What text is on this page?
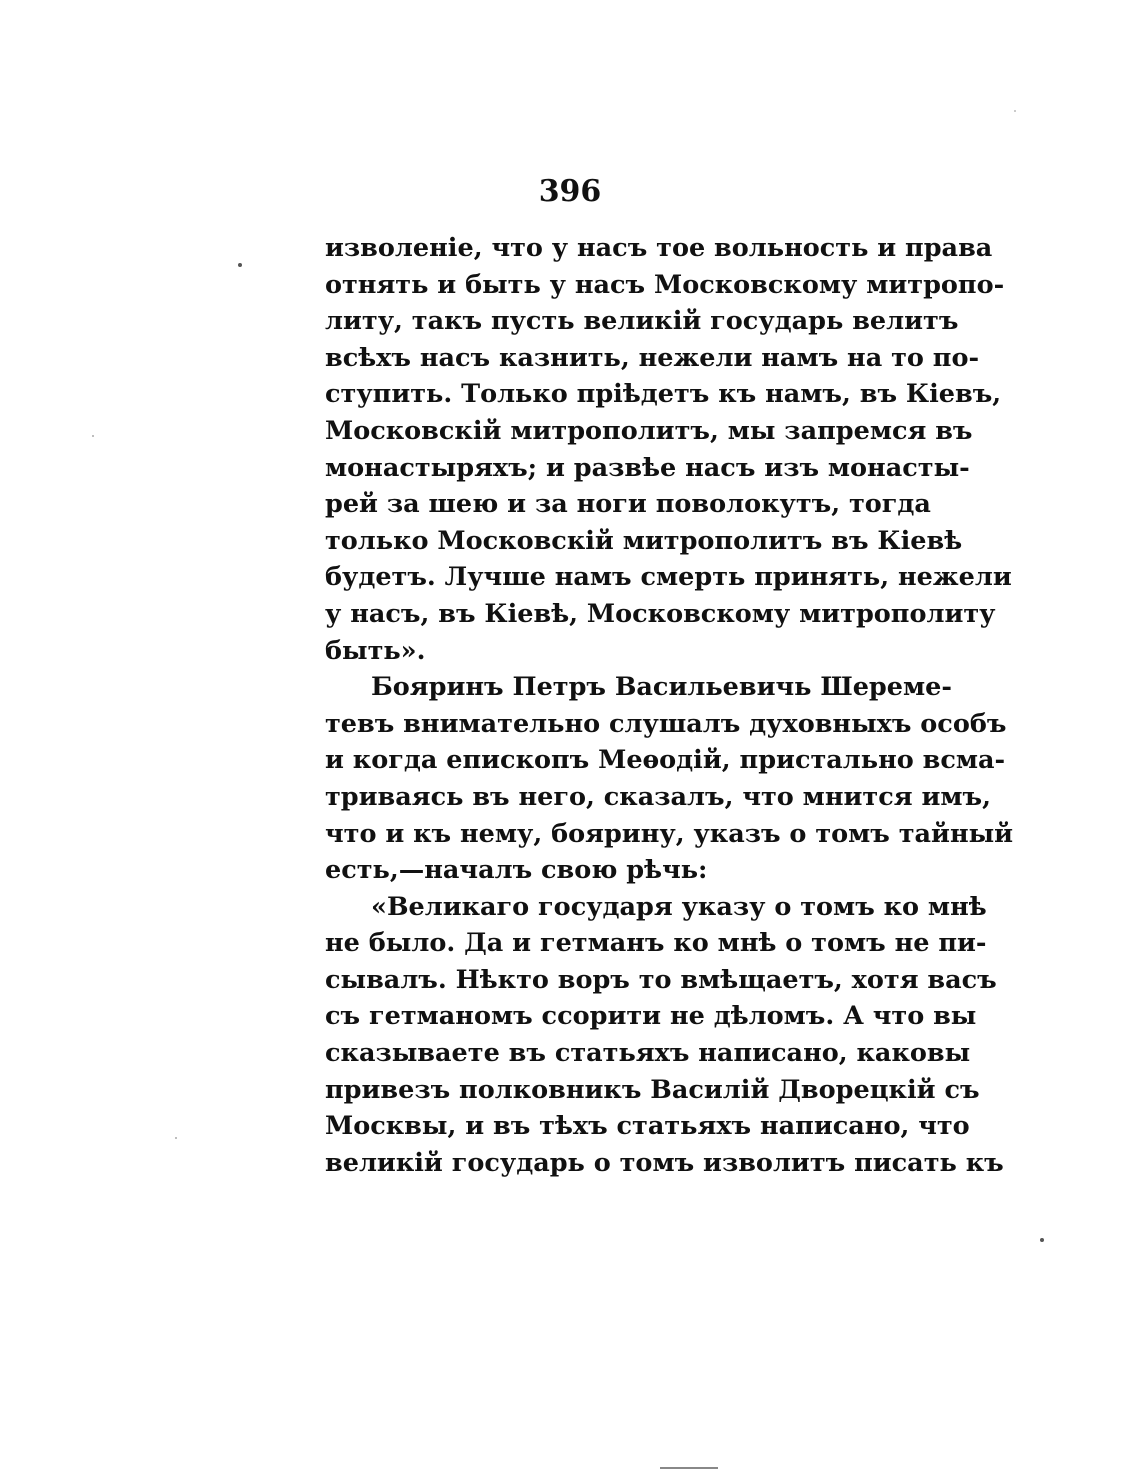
396
изволеніе, что у насъ тое вольность и права
отнять и быть у насъ Московскому митропо-
литу, такъ пусть великій государь велитъ
всѣхъ насъ казнить, нежели намъ на то по-
ступить. Только пріѣдетъ къ намъ, въ Кіевъ,
Московскій митрополитъ, мы запремся въ
монастыряхъ; и развѣе насъ изъ монасты-
рей за шею и за ноги поволокутъ, тогда
только Московскій митрополитъ въ Кіевѣ
будетъ. Лучше намъ смерть принять, нежели
у насъ, въ Кіевѣ, Московскому митрополиту
быть».
Бояринъ Петръ Васильевичь Шереме-
тевъ внимательно слушалъ духовныхъ особъ
и когда епископъ Меѳодій, пристально всма-
триваясь въ него, сказалъ, что мнится имъ,
что и къ нему, боярину, указъ о томъ тайный
есть,—началъ свою рѣчь:
«Великаго государя указу о томъ ко мнѣ
не было. Да и гетманъ ко мнѣ о томъ не пи-
сывалъ. Нѣкто воръ то вмѣщаетъ, хотя васъ
съ гетманомъ ссорити не дѣломъ. А что вы
сказываете въ статьяхъ написано, каковы
привезъ полковникъ Василій Дворецкій съ
Москвы, и въ тѣхъ статьяхъ написано, что
великій государь о томъ изволитъ писать къ
